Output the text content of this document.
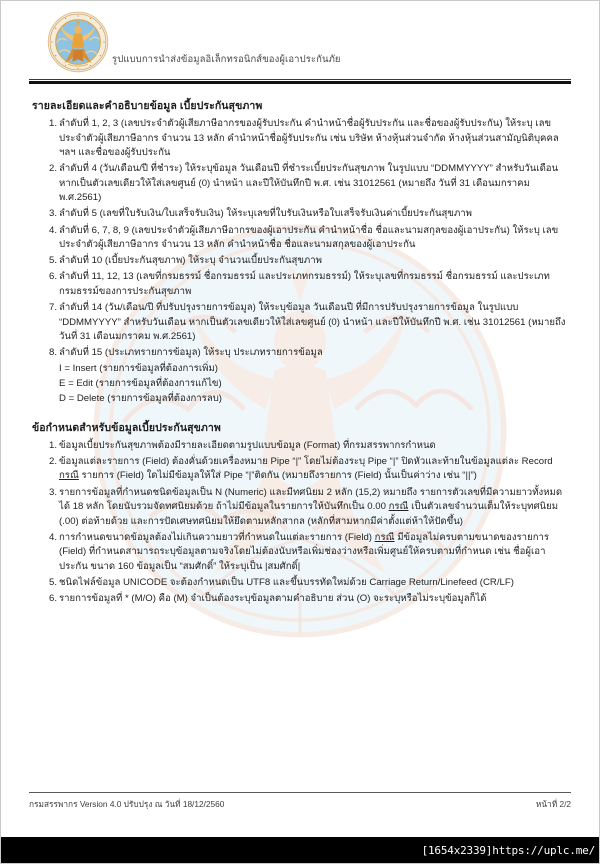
รูปแบบการนำส่งข้อมูลอิเล็กทรอนิกส์ของผู้เอาประกันภัย
รายละเอียดและคำอธิบายข้อมูล เบี้ยประกันสุขภาพ
1. ลำดับที่ 1, 2, 3 (เลขประจำตัวผู้เสียภาษีอากรของผู้รับประกัน คำนำหน้าชื่อผู้รับประกัน และชื่อของผู้รับประกัน) ให้ระบุ เลขประจำตัวผู้เสียภาษีอากร จำนวน 13 หลัก คำนำหน้าชื่อผู้รับประกัน เช่น บริษัท ห้างหุ้นส่วนจำกัด ห้างหุ้นส่วนสามัญนิติบุคคล ฯลฯ และชื่อของผู้รับประกัน
2. ลำดับที่ 4 (วัน/เดือน/ปี ที่ชำระ) ให้ระบุข้อมูล วันเดือนปี ที่ชำระเบี้ยประกันสุขภาพ ในรูปแบบ “DDMMYYYY” สำหรับวันเดือน หากเป็นตัวเลขเดียวให้ใส่เลขศูนย์ (0) นำหน้า และปีให้บันทึกปี พ.ศ. เช่น 31012561 (หมายถึง วันที่ 31 เดือนมกราคม พ.ศ.2561)
3. ลำดับที่ 5 (เลขที่ใบรับเงิน/ใบเสร็จรับเงิน) ให้ระบุเลขที่ใบรับเงินหรือใบเสร็จรับเงินค่าเบี้ยประกันสุขภาพ
4. ลำดับที่ 6, 7, 8, 9 (เลขประจำตัวผู้เสียภาษีอากรของผู้เอาประกัน คำนำหน้าชื่อ ชื่อและนามสกุลของผู้เอาประกัน) ให้ระบุ เลขประจำตัวผู้เสียภาษีอากร จำนวน 13 หลัก คำนำหน้าชื่อ ชื่อและนามสกุลของผู้เอาประกัน
5. ลำดับที่ 10 (เบี้ยประกันสุขภาพ) ให้ระบุ จำนวนเบี้ยประกันสุขภาพ
6. ลำดับที่ 11, 12, 13 (เลขที่กรมธรรม์ ชื่อกรมธรรม์ และประเภทกรมธรรม์) ให้ระบุเลขที่กรมธรรม์ ชื่อกรมธรรม์ และประเภทกรมธรรม์ของการประกันสุขภาพ
7. ลำดับที่ 14 (วัน/เดือน/ปี ที่ปรับปรุงรายการข้อมูล) ให้ระบุข้อมูล วันเดือนปี ที่มีการปรับปรุงรายการข้อมูล ในรูปแบบ “DDMMYYYY” สำหรับวันเดือน หากเป็นตัวเลขเดียวให้ใส่เลขศูนย์ (0) นำหน้า และปีให้บันทึกปี พ.ศ. เช่น 31012561 (หมายถึง วันที่ 31 เดือนมกราคม พ.ศ.2561)
8. ลำดับที่ 15 (ประเภทรายการข้อมูล) ให้ระบุ ประเภทรายการข้อมูล
I = Insert (รายการข้อมูลที่ต้องการเพิ่ม)
E = Edit (รายการข้อมูลที่ต้องการแก้ไข)
D = Delete (รายการข้อมูลที่ต้องการลบ)
ข้อกำหนดสำหรับข้อมูลเบี้ยประกันสุขภาพ
1. ข้อมูลเบี้ยประกันสุขภาพต้องมีรายละเอียดตามรูปแบบข้อมูล (Format) ที่กรมสรรพากรกำหนด
2. ข้อมูลแต่ละรายการ (Field) ต้องคั่นด้วยเครื่องหมาย Pipe “|” โดยไม่ต้องระบุ Pipe “|” ปิดหัวและท้ายในข้อมูลแต่ละ Record กรณี รายการ (Field) ใดไม่มีข้อมูลให้ใส่ Pipe “|”ติดกัน (หมายถึงรายการ (Field) นั้นเป็นค่าว่าง เช่น “||”)
3. รายการข้อมูลที่กำหนดชนิดข้อมูลเป็น N (Numeric) และมีทศนิยม 2 หลัก (15,2) หมายถึง รายการตัวเลขที่มีความยาวทั้งหมดได้ 18 หลัก โดยนับรวมจัดทศนิยมด้วย ถ้าไม่มีข้อมูลในรายการให้บันทึกเป็น 0.00 กรณี เป็นตัวเลขจำนวนเต็มให้ระบุทศนิยม (.00) ต่อท้ายด้วย และการปัดเศษทศนิยมให้ยึดตามหลักสากล (หลักที่สามหากมีค่าตั้งแต่ห้าให้ปัดขึ้น)
4. การกำหนดขนาดข้อมูลต้องไม่เกินความยาวที่กำหนดในแต่ละรายการ (Field) กรณี มีข้อมูลไม่ครบตามขนาดของรายการ (Field) ที่กำหนดสามารถระบุข้อมูลตามจริงโดยไม่ต้องนับหรือเพิ่มช่องว่างหรือเพิ่มศูนย์ให้ครบตามที่กำหนด เช่น ชื่อผู้เอาประกัน ขนาด 160 ข้อมูลเป็น “สมศักดิ์” ให้ระบุเป็น |สมศักดิ์|
5. ชนิดไฟล์ข้อมูล UNICODE จะต้องกำหนดเป็น UTF8 และขึ้นบรรทัดใหม่ด้วย Carriage Return/Linefeed (CR/LF)
6. รายการข้อมูลที่ * (M/O) คือ (M) จำเป็นต้องระบุข้อมูลตามคำอธิบาย ส่วน (O) จะระบุหรือไม่ระบุข้อมูลก็ได้
กรมสรรพากร Version 4.0 ปรับปรุง ณ วันที่ 18/12/2560	หน้าที่ 2/2
[1654x2339]https://uplc.me/
